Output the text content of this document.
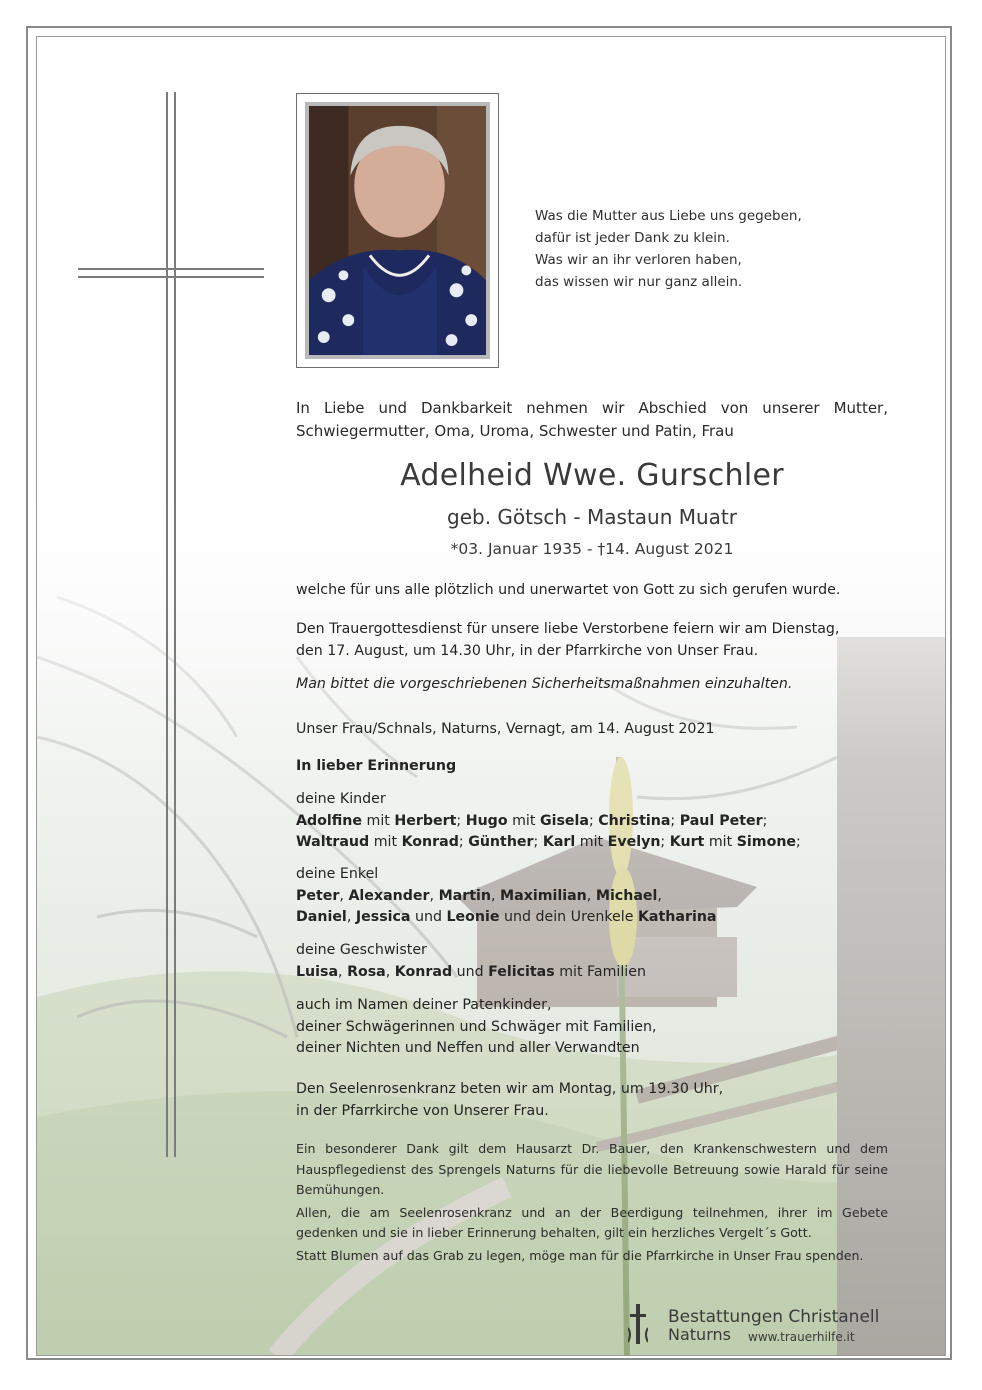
Was die Mutter aus Liebe uns gegeben,
dafür ist jeder Dank zu klein.
Was wir an ihr verloren haben,
das wissen wir nur ganz allein.
In Liebe und Dankbarkeit nehmen wir Abschied von unserer Mutter, Schwiegermutter, Oma, Uroma, Schwester und Patin, Frau
Adelheid Wwe. Gurschler
geb. Götsch - Mastaun Muatr
*03. Januar 1935 - †14. August 2021
welche für uns alle plötzlich und unerwartet von Gott zu sich gerufen wurde.
Den Trauergottesdienst für unsere liebe Verstorbene feiern wir am Dienstag,
den 17. August, um 14.30 Uhr, in der Pfarrkirche von Unser Frau.
Man bittet die vorgeschriebenen Sicherheitsmaßnahmen einzuhalten.
Unser Frau/Schnals, Naturns, Vernagt, am 14. August 2021
In lieber Erinnerung
deine Kinder
Adolfine mit Herbert; Hugo mit Gisela; Christina; Paul Peter;
Waltraud mit Konrad; Günther; Karl mit Evelyn; Kurt mit Simone;
deine Enkel
Peter, Alexander, Martin, Maximilian, Michael,
Daniel, Jessica und Leonie und dein Urenkele Katharina
deine Geschwister
Luisa, Rosa, Konrad und Felicitas mit Familien
auch im Namen deiner Patenkinder,
deiner Schwägerinnen und Schwäger mit Familien,
deiner Nichten und Neffen und aller Verwandten
Den Seelenrosenkranz beten wir am Montag, um 19.30 Uhr,
in der Pfarrkirche von Unserer Frau.
Ein besonderer Dank gilt dem Hausarzt Dr. Bauer, den Krankenschwestern und dem Hauspflegedienst des Sprengels Naturns für die liebevolle Betreuung sowie Harald für seine Bemühungen.
Allen, die am Seelenrosenkranz und an der Beerdigung teilnehmen, ihrer im Gebete gedenken und sie in lieber Erinnerung behalten, gilt ein herzliches Vergelt´s Gott.
Statt Blumen auf das Grab zu legen, möge man für die Pfarrkirche in Unser Frau spenden.
Bestattungen Christanell
Naturns www.trauerhilfe.it
